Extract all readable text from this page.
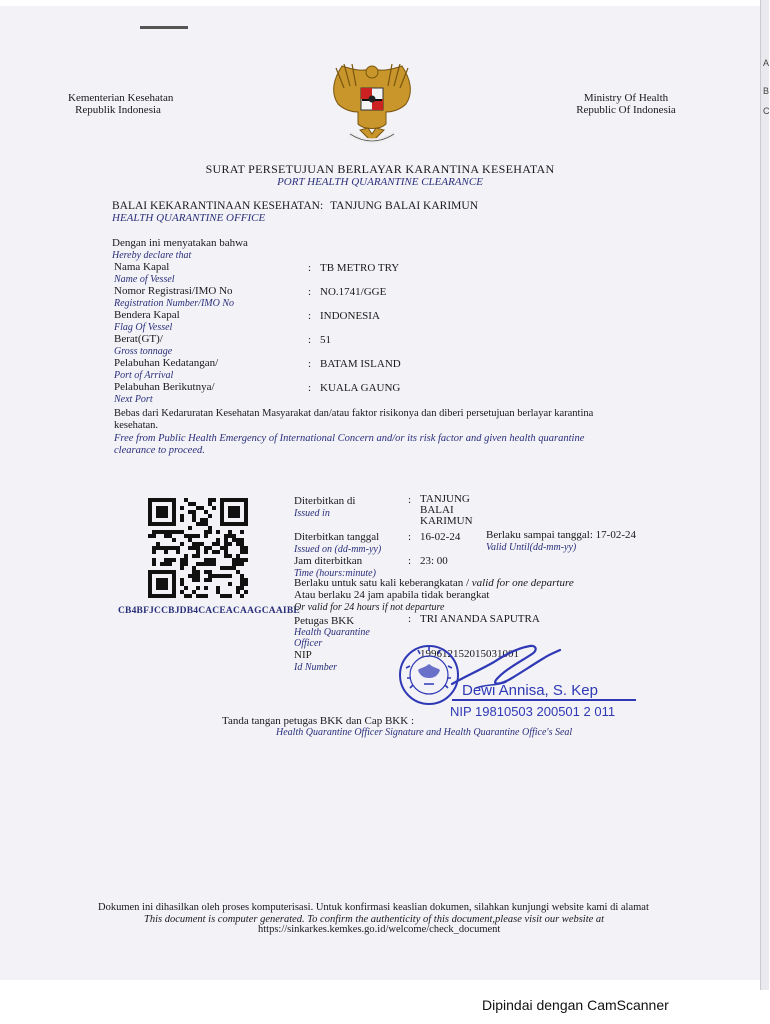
A
B
C
Kementerian Kesehatan
Republik Indonesia
Ministry Of Health
Republic Of Indonesia
SURAT PERSETUJUAN BERLAYAR KARANTINA KESEHATAN
PORT HEALTH QUARANTINE CLEARANCE
BALAI KEKARANTINAAN KESEHATAN: TANJUNG BALAI KARIMUN
HEALTH QUARANTINE OFFICE
Dengan ini menyatakan bahwa
Hereby declare that
Nama Kapal
Name of Vessel
: TB METRO TRY
Nomor Registrasi/IMO No
Registration Number/IMO No
: NO.1741/GGE
Bendera Kapal
Flag Of Vessel
: INDONESIA
Berat(GT)/
Gross tonnage
: 51
Pelabuhan Kedatangan/
Port of Arrival
: BATAM ISLAND
Pelabuhan Berikutnya/
Next Port
: KUALA GAUNG
Bebas dari Kedaruratan Kesehatan Masyarakat dan/atau faktor risikonya dan diberi persetujuan berlayar karantina kesehatan.
Free from Public Health Emergency of International Concern and/or its risk factor and given health quarantine clearance to proceed.
CB4BFJCCBJDB4CACEACAAGCAAIBE
Diterbitkan di
Issued in
: TANJUNG
BALAI
KARIMUN
Diterbitkan tanggal
Issued on (dd-mm-yy)
: 16-02-24 Berlaku sampai tanggal: 17-02-24
Valid Until(dd-mm-yy)
Jam diterbitkan
Time (hours:minute)
: 23: 00
Berlaku untuk satu kali keberangkatan / valid for one departure
Atau berlaku 24 jam apabila tidak berangkat
Or valid for 24 hours if not departure
Petugas BKK
Health Quarantine
Officer
: TRI ANANDA SAPUTRA
NIP
Id Number
199612152015031001
Dewi Annisa, S. Kep
NIP 19810503 200501 2 011
Tanda tangan petugas BKK dan Cap BKK :
Health Quarantine Officer Signature and Health Quarantine Office's Seal
Dokumen ini dihasilkan oleh proses komputerisasi. Untuk konfirmasi keaslian dokumen, silahkan kunjungi website kami di alamat
This document is computer generated. To confirm the authenticity of this document,please visit our website at
https://sinkarkes.kemkes.go.id/welcome/check_document
Dipindai dengan CamScanner
